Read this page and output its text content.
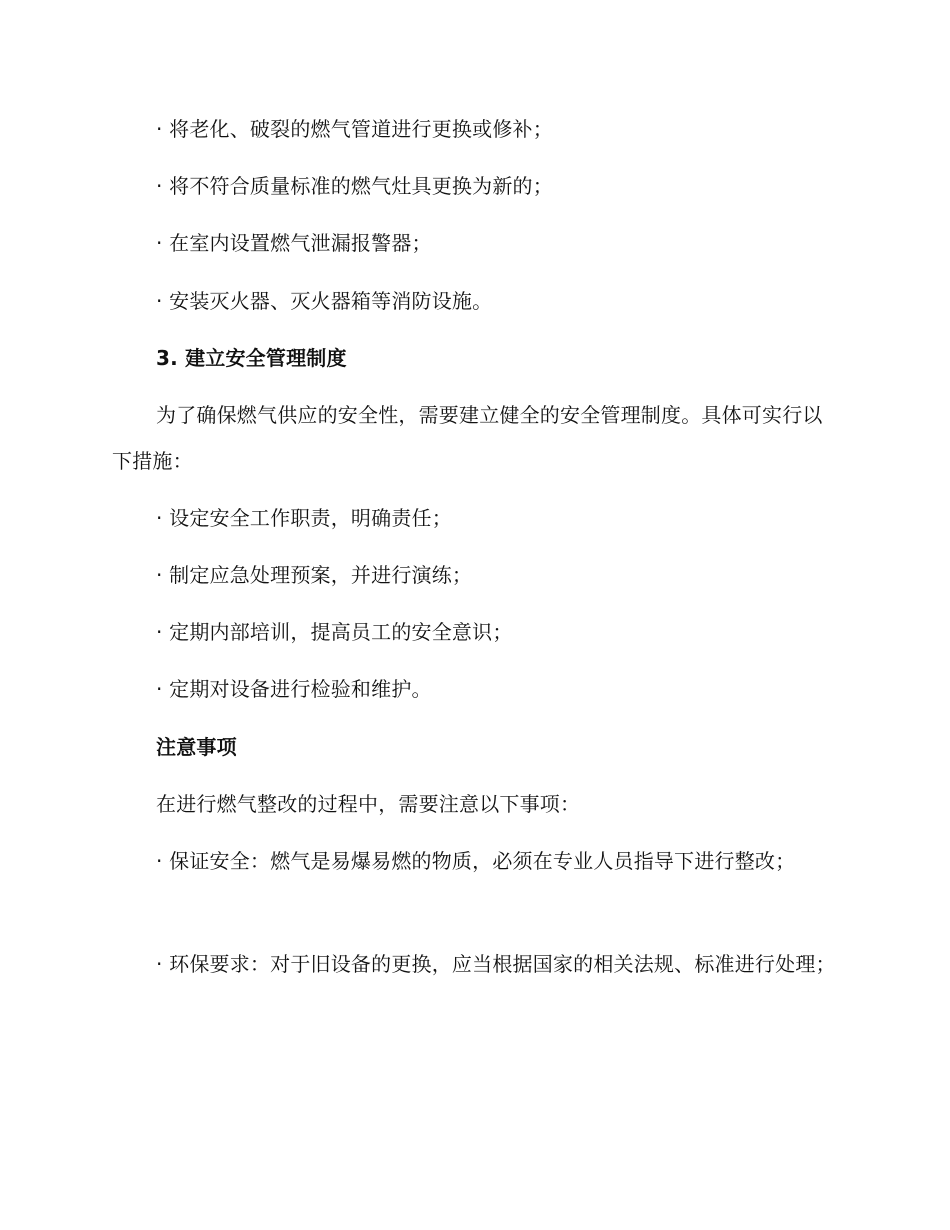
· 将老化、破裂的燃气管道进行更换或修补；
· 将不符合质量标准的燃气灶具更换为新的；
· 在室内设置燃气泄漏报警器；
· 安装灭火器、灭火器箱等消防设施。
3. 建立安全管理制度
为了确保燃气供应的安全性，需要建立健全的安全管理制度。具体可实行以下措施：
· 设定安全工作职责，明确责任；
· 制定应急处理预案，并进行演练；
· 定期内部培训，提高员工的安全意识；
· 定期对设备进行检验和维护。
注意事项
在进行燃气整改的过程中，需要注意以下事项：
· 保证安全：燃气是易爆易燃的物质，必须在专业人员指导下进行整改；
· 环保要求：对于旧设备的更换，应当根据国家的相关法规、标准进行处理；
